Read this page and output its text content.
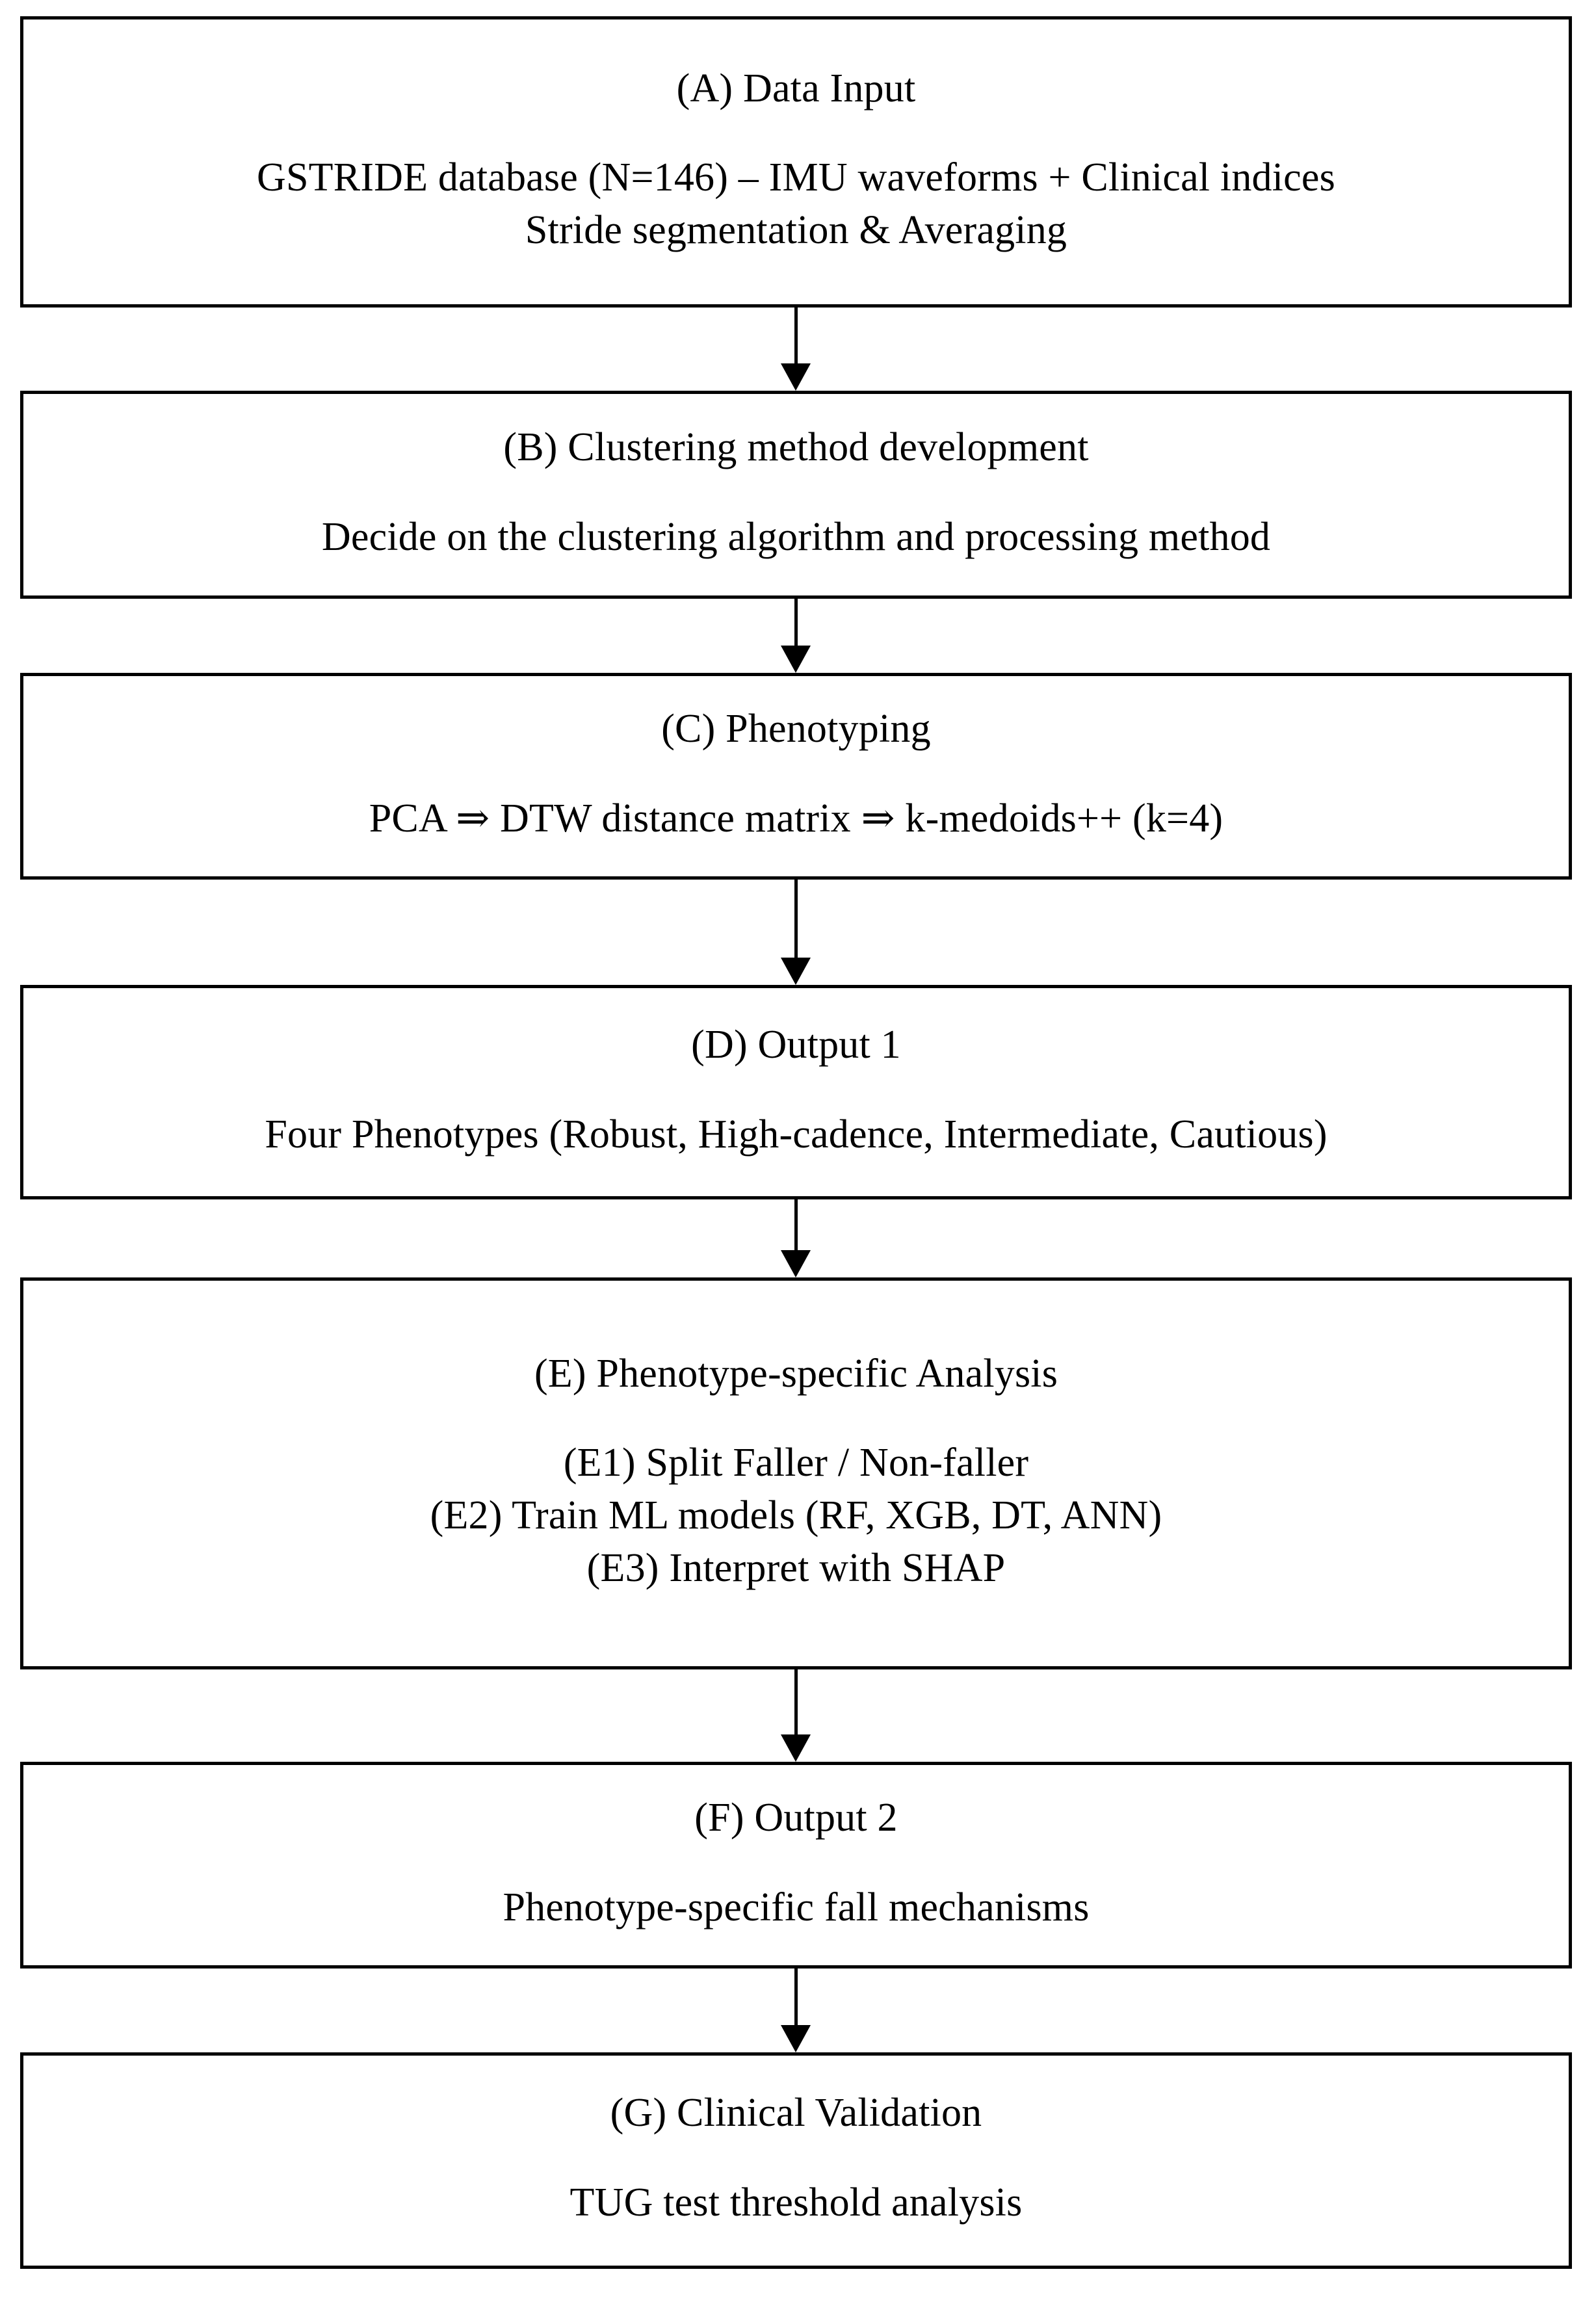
(A) Data Input
GSTRIDE database (N=146) – IMU waveforms + Clinical indices
Stride segmentation & Averaging
(B) Clustering method development
Decide on the clustering algorithm and processing method
(C) Phenotyping
PCA ⇒ DTW distance matrix ⇒ k-medoids++ (k=4)
(D) Output 1
Four Phenotypes (Robust, High-cadence, Intermediate, Cautious)
(E) Phenotype-specific Analysis
(E1) Split Faller / Non-faller
(E2) Train ML models (RF, XGB, DT, ANN)
(E3) Interpret with SHAP
(F) Output 2
Phenotype-specific fall mechanisms
(G) Clinical Validation
TUG test threshold analysis
